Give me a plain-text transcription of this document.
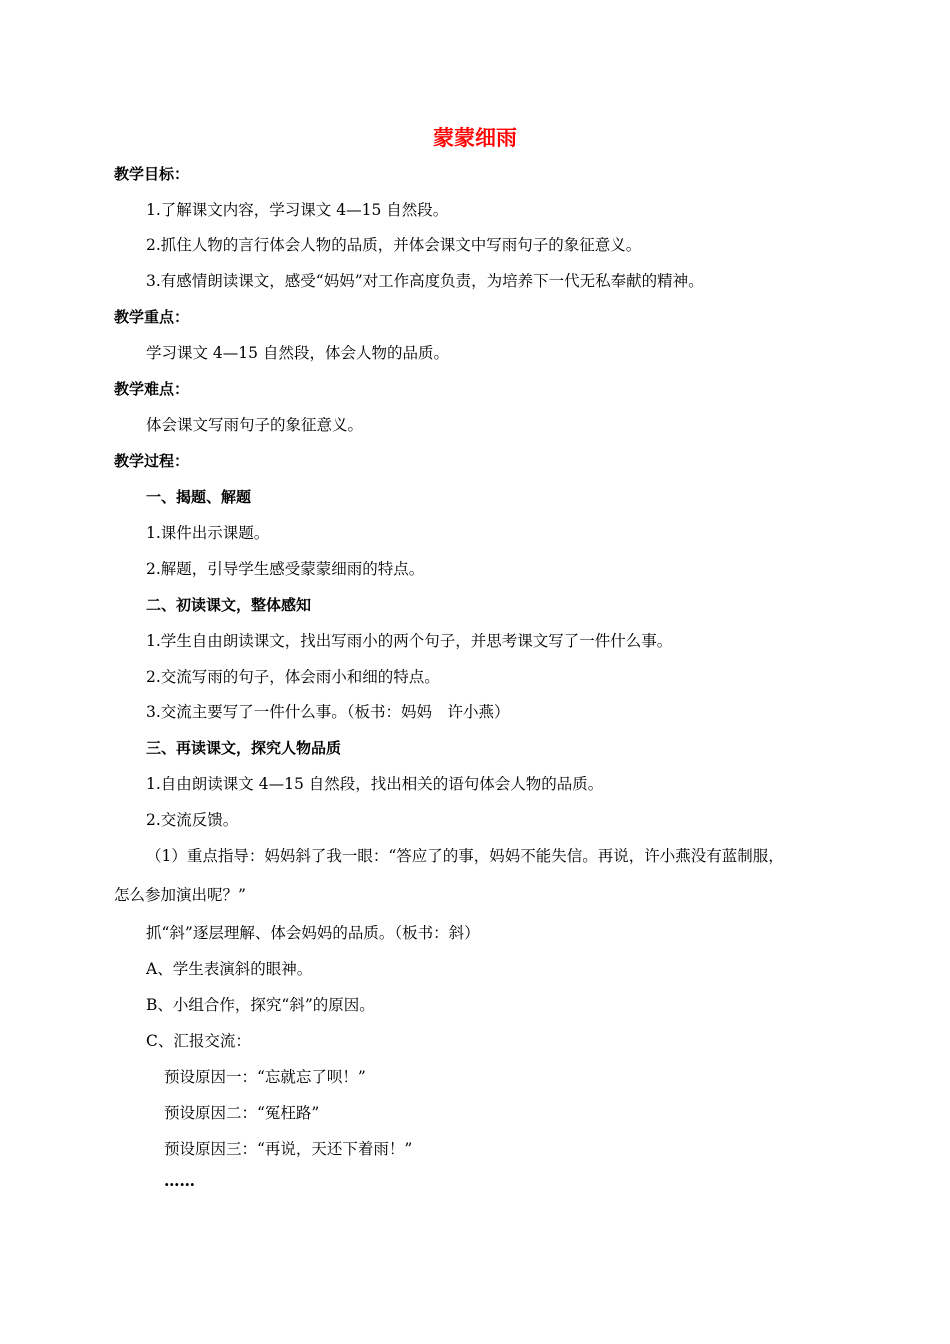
蒙蒙细雨
教学目标：
1.了解课文内容，学习课文 4—15 自然段。
2.抓住人物的言行体会人物的品质，并体会课文中写雨句子的象征意义。
3.有感情朗读课文，感受“妈妈”对工作高度负责，为培养下一代无私奉献的精神。
教学重点：
学习课文 4—15 自然段，体会人物的品质。
教学难点：
体会课文写雨句子的象征意义。
教学过程：
一、揭题、解题
1.课件出示课题。
2.解题，引导学生感受蒙蒙细雨的特点。
二、初读课文，整体感知
1.学生自由朗读课文，找出写雨小的两个句子，并思考课文写了一件什么事。
2.交流写雨的句子，体会雨小和细的特点。
3.交流主要写了一件什么事。（板书：妈妈　许小燕）
三、再读课文，探究人物品质
1.自由朗读课文 4—15 自然段，找出相关的语句体会人物的品质。
2.交流反馈。
（1）重点指导：妈妈斜了我一眼：“答应了的事，妈妈不能失信。再说，许小燕没有蓝制服，
怎么参加演出呢？”
抓“斜”逐层理解、体会妈妈的品质。（板书：斜）
A、学生表演斜的眼神。
B、小组合作，探究“斜”的原因。
C、汇报交流：
预设原因一：“忘就忘了呗！”
预设原因二：“冤枉路”
预设原因三：“再说，天还下着雨！”
……
